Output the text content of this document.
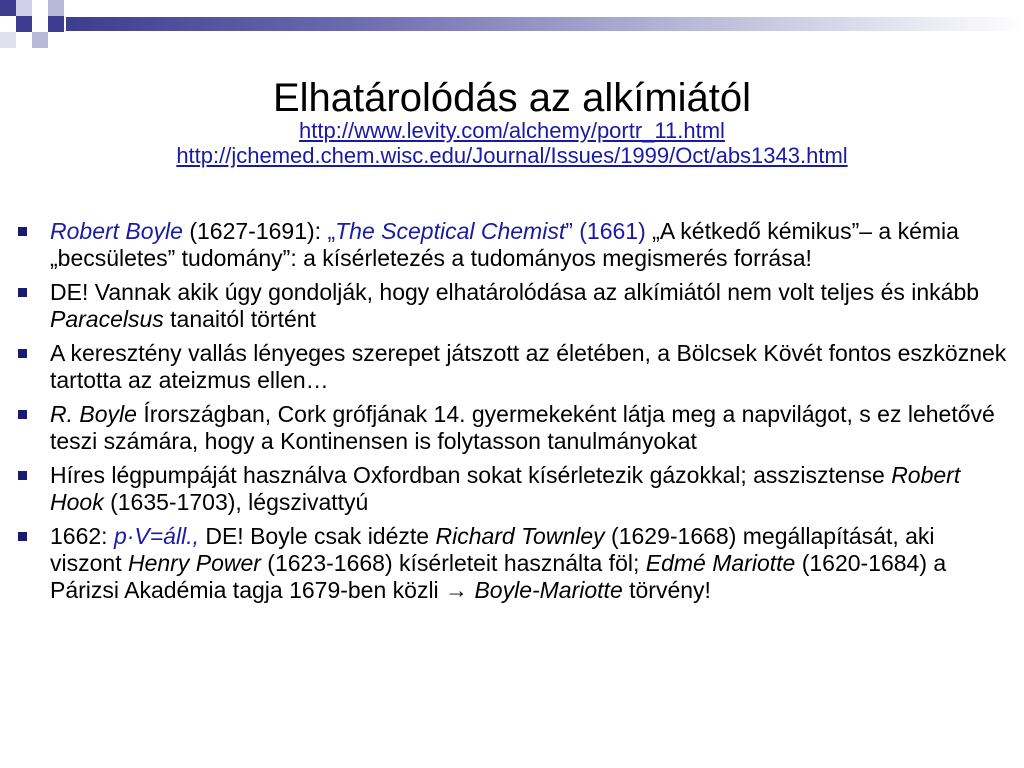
Elhatárolódás az alkímiától
http://www.levity.com/alchemy/portr_11.html
http://jchemed.chem.wisc.edu/Journal/Issues/1999/Oct/abs1343.html
Robert Boyle (1627-1691): „The Sceptical Chemist” (1661) „A kétkedő kémikus”– a kémia „becsületes” tudomány”: a kísérletezés a tudományos megismerés forrása!
DE! Vannak akik úgy gondolják, hogy elhatárolódása az alkímiától nem volt teljes és inkább Paracelsus tanaitól történt
A keresztény vallás lényeges szerepet játszott az életében, a Bölcsek Kövét fontos eszköznek tartotta az ateizmus ellen…
R. Boyle Írországban, Cork grófjának 14. gyermekeként látja meg a napvilágot, s ez lehetővé teszi számára, hogy a Kontinensen is folytasson tanulmányokat
Híres légpumpáját használva Oxfordban sokat kísérletezik gázokkal; asszisztense Robert Hook (1635-1703), légszivattyú
1662: p·V=áll., DE! Boyle csak idézte Richard Townley (1629-1668) megállapítását, aki viszont Henry Power (1623-1668) kísérleteit használta föl; Edmé Mariotte (1620-1684) a Párizsi Akadémia tagja 1679-ben közli → Boyle-Mariotte törvény!
